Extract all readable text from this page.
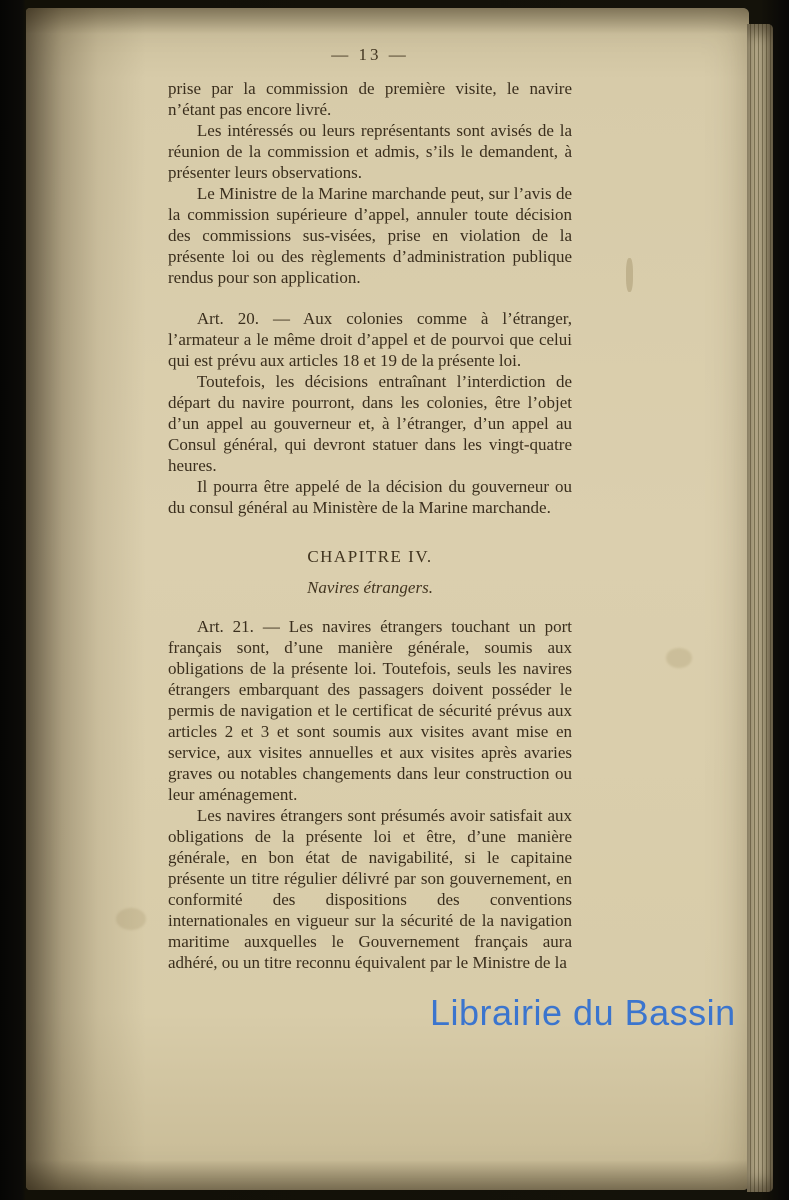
— 13 —

prise par la commission de première visite, le navire n’étant pas encore livré.

Les intéressés ou leurs représentants sont avisés de la réunion de la commission et admis, s’ils le demandent, à présenter leurs observations.

Le Ministre de la Marine marchande peut, sur l’avis de la commission supérieure d’appel, annuler toute décision des commissions sus-visées, prise en violation de la présente loi ou des règlements d’administration publique rendus pour son application.

Art. 20. — Aux colonies comme à l’étranger, l’armateur a le même droit d’appel et de pourvoi que celui qui est prévu aux articles 18 et 19 de la présente loi.

Toutefois, les décisions entraînant l’interdiction de départ du navire pourront, dans les colonies, être l’objet d’un appel au gouverneur et, à l’étranger, d’un appel au Consul général, qui devront statuer dans les vingt-quatre heures.

Il pourra être appelé de la décision du gouverneur ou du consul général au Ministère de la Marine marchande.

CHAPITRE IV.
Navires étrangers.

Art. 21. — Les navires étrangers touchant un port français sont, d’une manière générale, soumis aux obligations de la présente loi. Toutefois, seuls les navires étrangers embarquant des passagers doivent posséder le permis de navigation et le certificat de sécurité prévus aux articles 2 et 3 et sont soumis aux visites avant mise en service, aux visites annuelles et aux visites après avaries graves ou notables changements dans leur construction ou leur aménagement.

Les navires étrangers sont présumés avoir satisfait aux obligations de la présente loi et être, d’une manière générale, en bon état de navigabilité, si le capitaine présente un titre régulier délivré par son gouvernement, en conformité des dispositions des conventions internationales en vigueur sur la sécurité de la navigation maritime auxquelles le Gouvernement français aura adhéré, ou un titre reconnu équivalent par le Ministre de la

Librairie du Bassin
